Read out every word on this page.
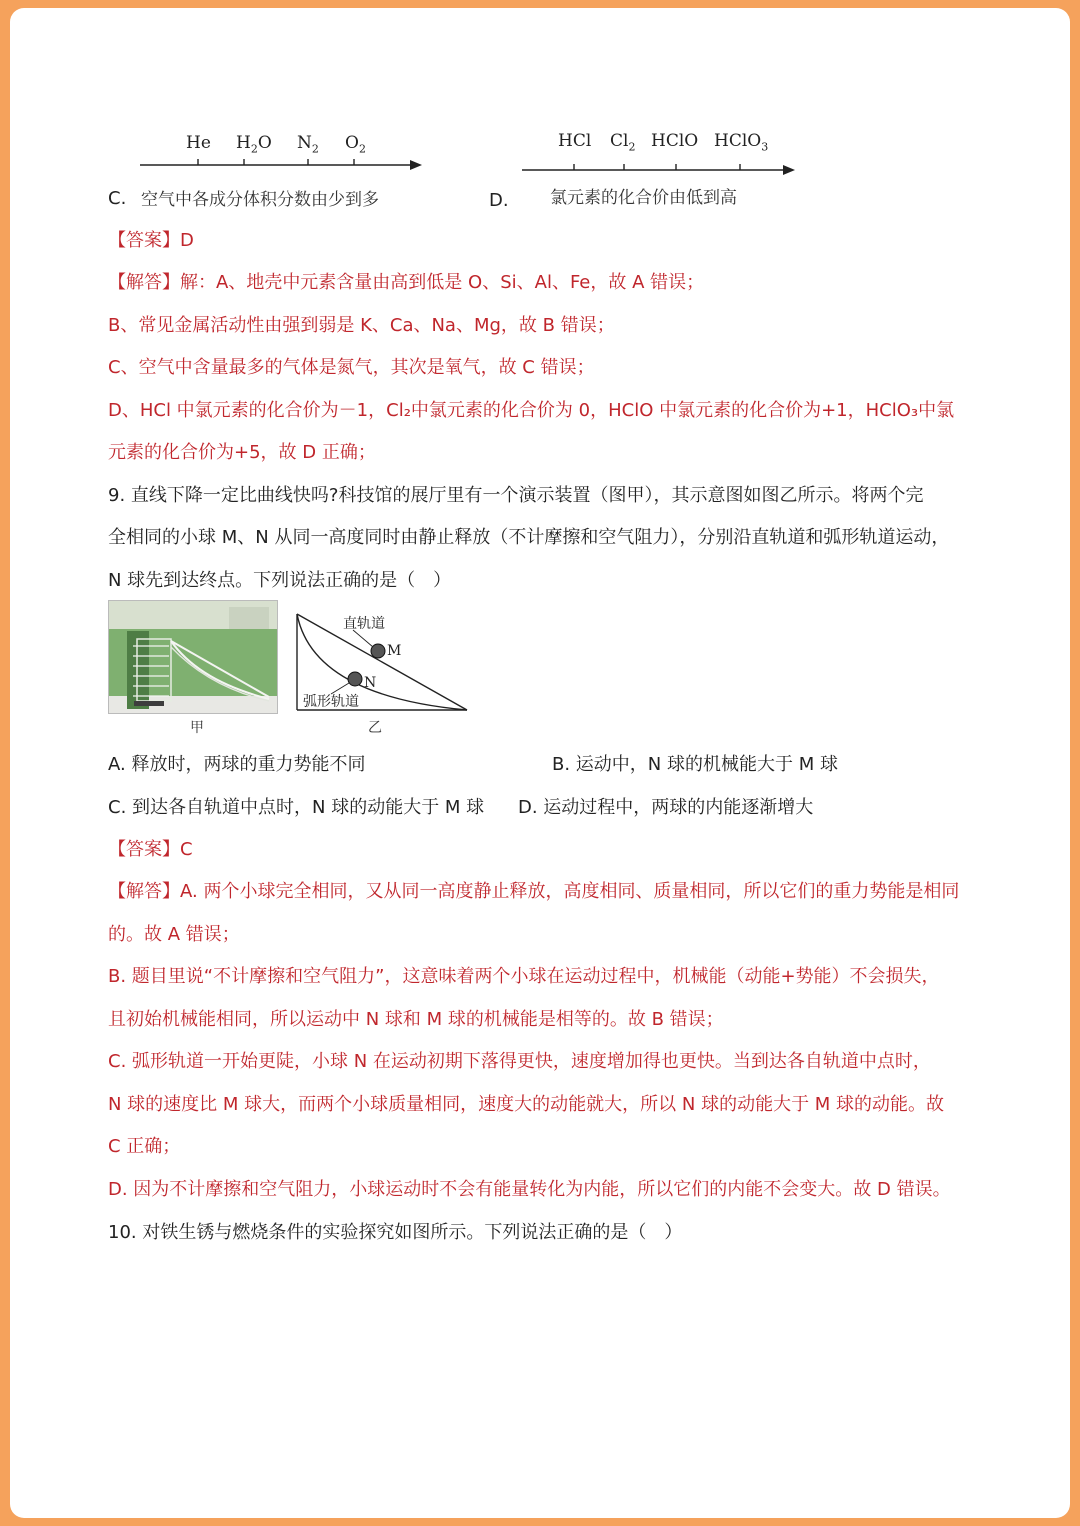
He $H_2O$ $N_2$ $O_2$
C. 空气中各成分体积分数由少到多
HCl $Cl_2$ HClO HClO$_3$
D. 氯元素的化合价由低到高
【答案】D
【解答】解：A、地壳中元素含量由高到低是 O、Si、Al、Fe，故 A 错误；
B、常见金属活动性由强到弱是 K、Ca、Na、Mg，故 B 错误；
C、空气中含量最多的气体是氮气，其次是氧气，故 C 错误；
D、HCl 中氯元素的化合价为－1，Cl₂中氯元素的化合价为 0，HClO 中氯元素的化合价为+1，HClO₃中氯
元素的化合价为+5，故 D 正确；
9. 直线下降一定比曲线快吗?科技馆的展厅里有一个演示装置（图甲），其示意图如图乙所示。将两个完
全相同的小球 M、N 从同一高度同时由静止释放（不计摩擦和空气阻力），分别沿直轨道和弧形轨道运动，
N 球先到达终点。下列说法正确的是（　）
甲
直轨道
M
N
弧形轨道
乙
A. 释放时，两球的重力势能不同	B. 运动中，N 球的机械能大于 M 球
C. 到达各自轨道中点时，N 球的动能大于 M 球 D. 运动过程中，两球的内能逐渐增大
【答案】C
【解答】A. 两个小球完全相同，又从同一高度静止释放，高度相同、质量相同，所以它们的重力势能是相同
的。故 A 错误；
B. 题目里说“不计摩擦和空气阻力”，这意味着两个小球在运动过程中，机械能（动能+势能）不会损失，
且初始机械能相同，所以运动中 N 球和 M 球的机械能是相等的。故 B 错误；
C. 弧形轨道一开始更陡，小球 N 在运动初期下落得更快，速度增加得也更快。当到达各自轨道中点时，
N 球的速度比 M 球大，而两个小球质量相同，速度大的动能就大，所以 N 球的动能大于 M 球的动能。故
C 正确；
D. 因为不计摩擦和空气阻力，小球运动时不会有能量转化为内能，所以它们的内能不会变大。故 D 错误。
10. 对铁生锈与燃烧条件的实验探究如图所示。下列说法正确的是（　）
